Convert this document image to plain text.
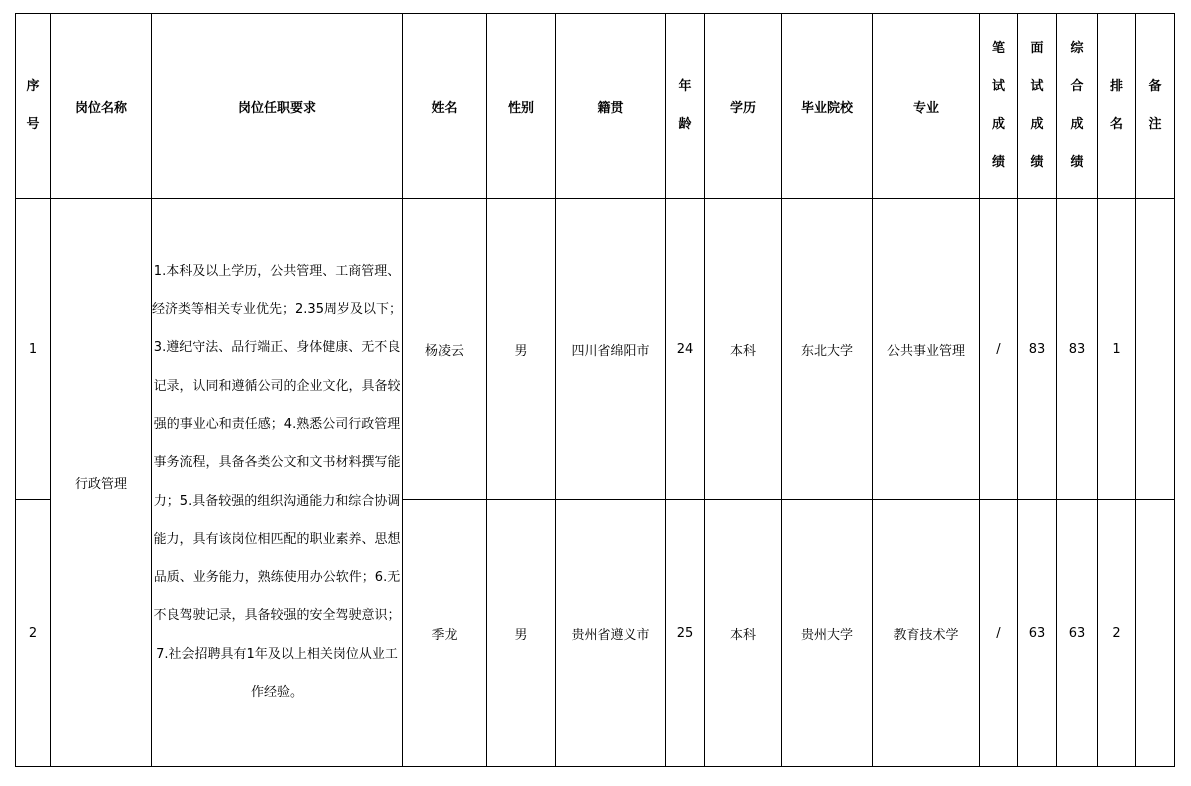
序号	岗位名称	岗位任职要求	姓名	性别	籍贯	年龄	学历	毕业院校	专业	笔试成绩	面试成绩	综合成绩	排名	备注
1	行政管理	1.本科及以上学历，公共管理、工商管理、经济类等相关专业优先；2.35周岁及以下；3.遵纪守法、品行端正、身体健康、无不良记录，认同和遵循公司的企业文化，具备较强的事业心和责任感；4.熟悉公司行政管理事务流程，具备各类公文和文书材料撰写能力；5.具备较强的组织沟通能力和综合协调能力，具有该岗位相匹配的职业素养、思想品质、业务能力，熟练使用办公软件；6.无不良驾驶记录，具备较强的安全驾驶意识；7.社会招聘具有1年及以上相关岗位从业工作经验。	杨凌云	男	四川省绵阳市	24	本科	东北大学	公共事业管理	/	83	83	1	
2			季龙	男	贵州省遵义市	25	本科	贵州大学	教育技术学	/	63	63	2	
